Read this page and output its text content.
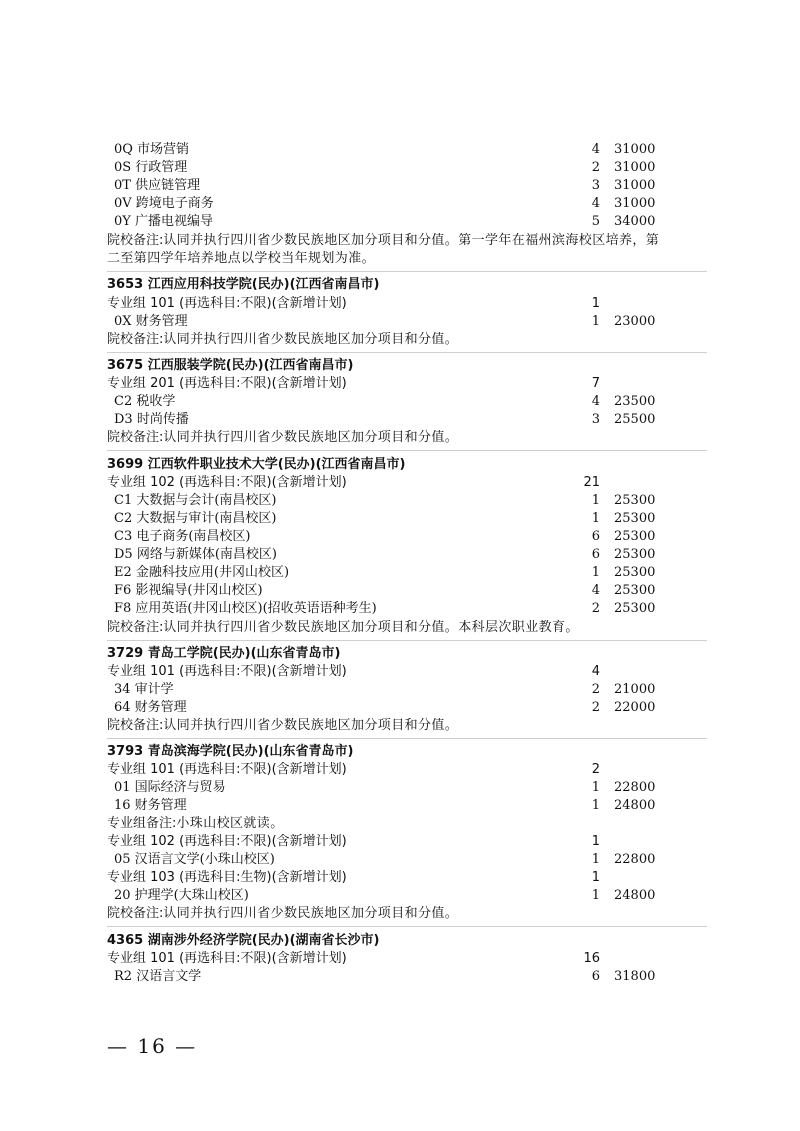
0Q 市场营销	4 31000
0S 行政管理	2 31000
0T 供应链管理	3 31000
0V 跨境电子商务	4 31000
0Y 广播电视编导	5 34000
院校备注:认同并执行四川省少数民族地区加分项目和分值。第一学年在福州滨海校区培养，第
二至第四学年培养地点以学校当年规划为准。
3653 江西应用科技学院(民办)(江西省南昌市)
专业组 101 (再选科目:不限)(含新增计划)	1
0X 财务管理	1 23000
院校备注:认同并执行四川省少数民族地区加分项目和分值。
3675 江西服装学院(民办)(江西省南昌市)
专业组 201 (再选科目:不限)(含新增计划)	7
C2 税收学	4 23500
D3 时尚传播	3 25500
院校备注:认同并执行四川省少数民族地区加分项目和分值。
3699 江西软件职业技术大学(民办)(江西省南昌市)
专业组 102 (再选科目:不限)(含新增计划)	21
C1 大数据与会计(南昌校区)	1 25300
C2 大数据与审计(南昌校区)	1 25300
C3 电子商务(南昌校区)	6 25300
D5 网络与新媒体(南昌校区)	6 25300
E2 金融科技应用(井冈山校区)	1 25300
F6 影视编导(井冈山校区)	4 25300
F8 应用英语(井冈山校区)(招收英语语种考生)	2 25300
院校备注:认同并执行四川省少数民族地区加分项目和分值。本科层次职业教育。
3729 青岛工学院(民办)(山东省青岛市)
专业组 101 (再选科目:不限)(含新增计划)	4
34 审计学	2 21000
64 财务管理	2 22000
院校备注:认同并执行四川省少数民族地区加分项目和分值。
3793 青岛滨海学院(民办)(山东省青岛市)
专业组 101 (再选科目:不限)(含新增计划)	2
01 国际经济与贸易	1 22800
16 财务管理	1 24800
专业组备注:小珠山校区就读。
专业组 102 (再选科目:不限)(含新增计划)	1
05 汉语言文学(小珠山校区)	1 22800
专业组 103 (再选科目:生物)(含新增计划)	1
20 护理学(大珠山校区)	1 24800
院校备注:认同并执行四川省少数民族地区加分项目和分值。
4365 湖南涉外经济学院(民办)(湖南省长沙市)
专业组 101 (再选科目:不限)(含新增计划)	16
R2 汉语言文学	6 31800
— 16 —
